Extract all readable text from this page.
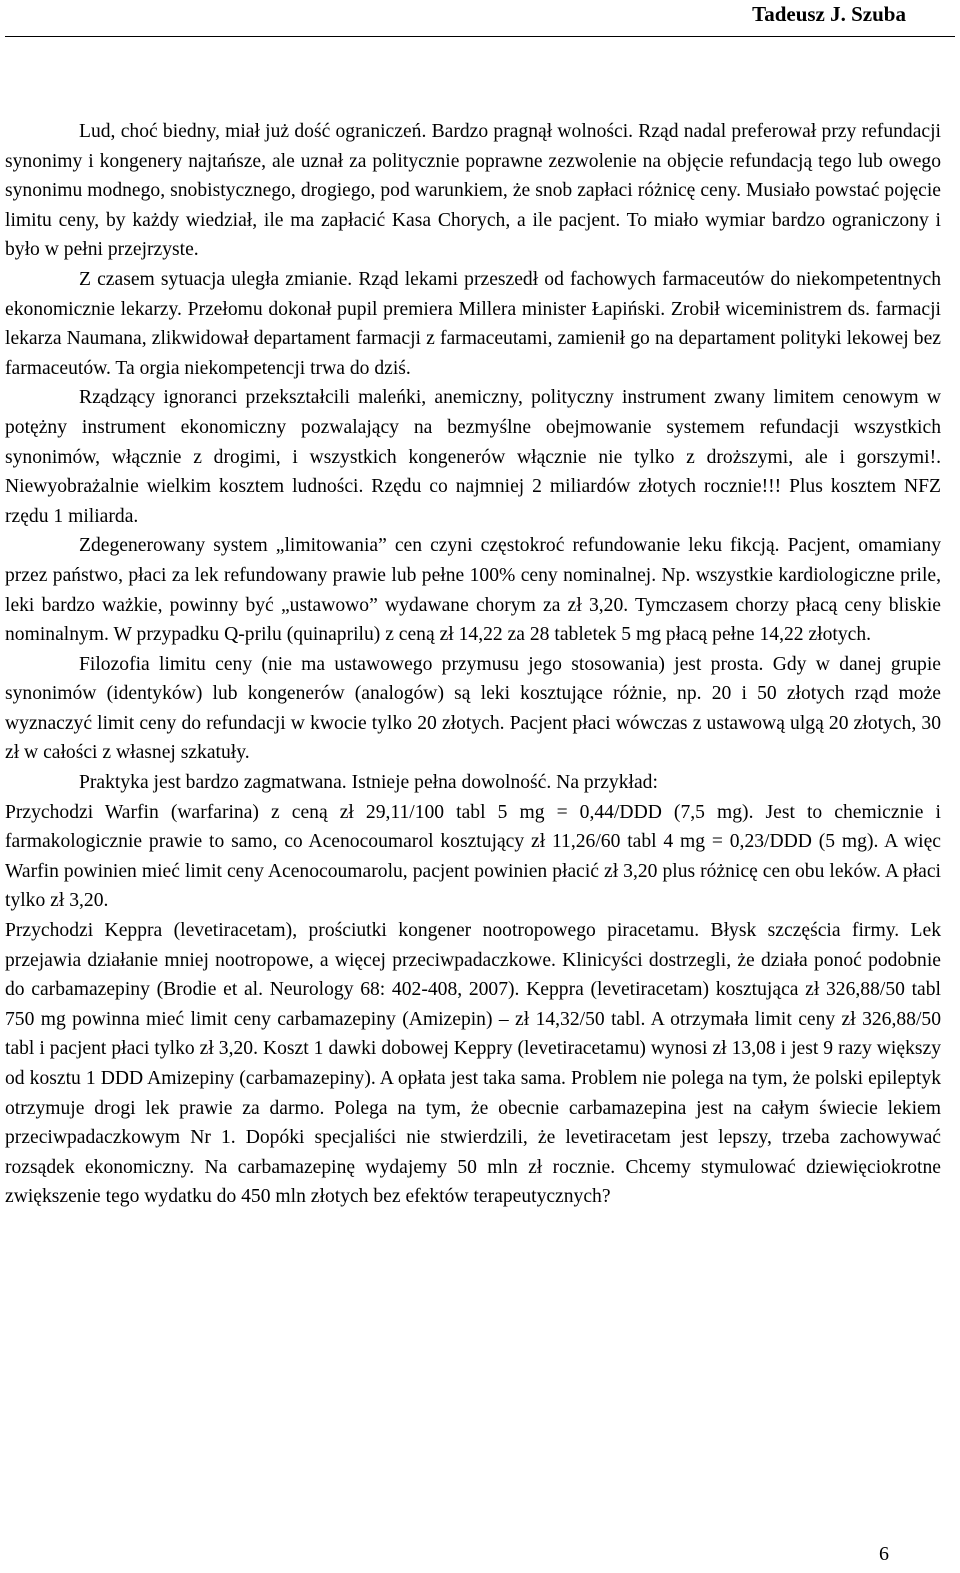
Tadeusz J. Szuba

Lud, choć biedny, miał już dość ograniczeń. Bardzo pragnął wolności. Rząd nadal preferował przy refundacji synonimy i kongenery najtańsze, ale uznał za politycznie poprawne zezwolenie na objęcie refundacją tego lub owego synonimu modnego, snobistycznego, drogiego, pod warunkiem, że snob zapłaci różnicę ceny. Musiało powstać pojęcie limitu ceny, by każdy wiedział, ile ma zapłacić Kasa Chorych, a ile pacjent. To miało wymiar bardzo ograniczony i było w pełni przejrzyste.

Z czasem sytuacja uległa zmianie. Rząd lekami przeszedł od fachowych farmaceutów do niekompetentnych ekonomicznie lekarzy. Przełomu dokonał pupil premiera Millera minister Łapiński. Zrobił wiceministrem ds. farmacji lekarza Naumana, zlikwidował departament farmacji z farmaceutami, zamienił go na departament polityki lekowej bez farmaceutów. Ta orgia niekompetencji trwa do dziś.

Rządzący ignoranci przekształcili maleńki, anemiczny, polityczny instrument zwany limitem cenowym w potężny instrument ekonomiczny pozwalający na bezmyślne obejmowanie systemem refundacji wszystkich synonimów, włącznie z drogimi, i wszystkich kongenerów włącznie nie tylko z droższymi, ale i gorszymi!. Niewyobrażalnie wielkim kosztem ludności. Rzędu co najmniej 2 miliardów złotych rocznie!!! Plus kosztem NFZ rzędu 1 miliarda.

Zdegenerowany system „limitowania” cen czyni częstokroć refundowanie leku fikcją. Pacjent, omamiany przez państwo, płaci za lek refundowany prawie lub pełne 100% ceny nominalnej. Np. wszystkie kardiologiczne prile, leki bardzo ważkie, powinny być „ustawowo” wydawane chorym za zł 3,20. Tymczasem chorzy płacą ceny bliskie nominalnym. W przypadku Q-prilu (quinaprilu) z ceną zł 14,22 za 28 tabletek 5 mg płacą pełne 14,22 złotych.

Filozofia limitu ceny (nie ma ustawowego przymusu jego stosowania) jest prosta. Gdy w danej grupie synonimów (identyków) lub kongenerów (analogów) są leki kosztujące różnie, np. 20 i 50 złotych rząd może wyznaczyć limit ceny do refundacji w kwocie tylko 20 złotych. Pacjent płaci wówczas z ustawową ulgą 20 złotych, 30 zł w całości z własnej szkatuły.

Praktyka jest bardzo zagmatwana. Istnieje pełna dowolność. Na przykład:

Przychodzi Warfin (warfarina) z ceną zł 29,11/100 tabl 5 mg = 0,44/DDD (7,5 mg). Jest to chemicznie i farmakologicznie prawie to samo, co Acenocoumarol kosztujący zł 11,26/60 tabl 4 mg = 0,23/DDD (5 mg). A więc Warfin powinien mieć limit ceny Acenocoumarolu, pacjent powinien płacić zł 3,20 plus różnicę cen obu leków. A płaci tylko zł 3,20.

Przychodzi Keppra (levetiracetam), prościutki kongener nootropowego piracetamu. Błysk szczęścia firmy. Lek przejawia działanie mniej nootropowe, a więcej przeciwpadaczkowe. Klinicyści dostrzegli, że działa ponoć podobnie do carbamazepiny (Brodie et al. Neurology 68: 402-408, 2007). Keppra (levetiracetam) kosztująca zł 326,88/50 tabl 750 mg powinna mieć limit ceny carbamazepiny (Amizepin) – zł 14,32/50 tabl. A otrzymała limit ceny zł 326,88/50 tabl i pacjent płaci tylko zł 3,20. Koszt 1 dawki dobowej Keppry (levetiracetamu) wynosi zł 13,08 i jest 9 razy większy od kosztu 1 DDD Amizepiny (carbamazepiny). A opłata jest taka sama. Problem nie polega na tym, że polski epileptyk otrzymuje drogi lek prawie za darmo. Polega na tym, że obecnie carbamazepina jest na całym świecie lekiem przeciwpadaczkowym Nr 1. Dopóki specjaliści nie stwierdzili, że levetiracetam jest lepszy, trzeba zachowywać rozsądek ekonomiczny. Na carbamazepinę wydajemy 50 mln zł rocznie. Chcemy stymulować dziewięciokrotne zwiększenie tego wydatku do 450 mln złotych bez efektów terapeutycznych?

6
